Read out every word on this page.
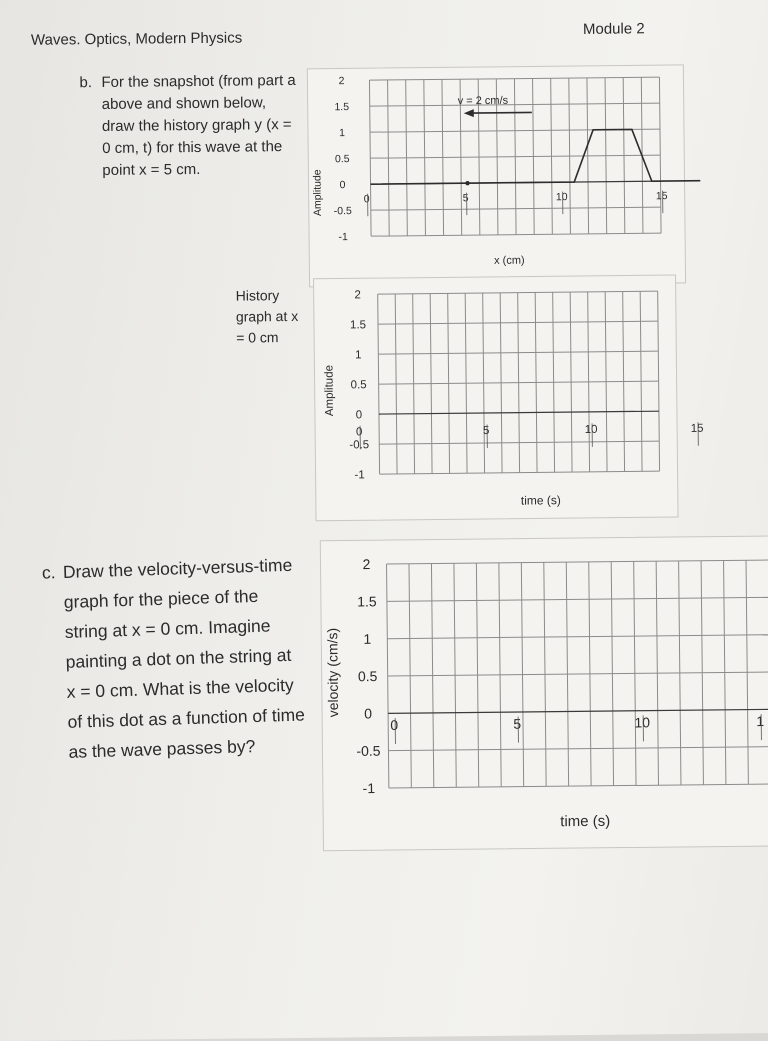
Waves. Optics, Modern Physics
Module 2
b. For the snapshot (from part a above and shown below, draw the history graph y (x = 0 cm, t) for this wave at the point x = 5 cm.
History graph at x = 0 cm
c. Draw the velocity-versus-time graph for the piece of the string at x = 0 cm. Imagine painting a dot on the string at x = 0 cm. What is the velocity of this dot as a function of time as the wave passes by?
2
1.5
1
0.5
0
-0.5
-1
0	5	10	15
Amplitude
x (cm)
v = 2 cm/s
2
1.5
1
0.5
0
-0.5
-1
0	5	10	15
Amplitude
time (s)
2
1.5
1
0.5
0
-0.5
-1
0	5	10	1
velocity (cm/s)
time (s)
